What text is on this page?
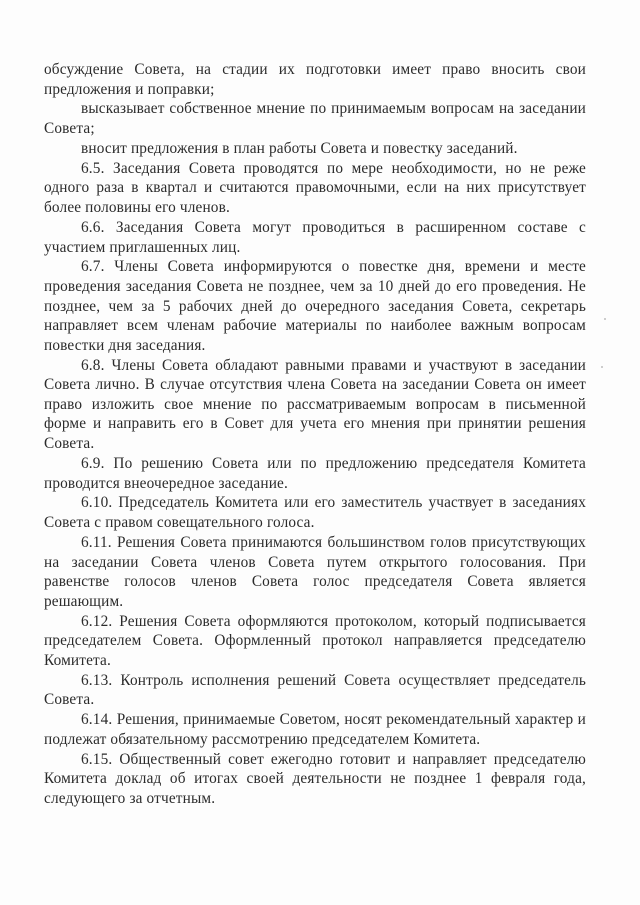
обсуждение Совета, на стадии их подготовки имеет право вносить свои предложения и поправки;

высказывает собственное мнение по принимаемым вопросам на заседании Совета;

вносит предложения в план работы Совета и повестку заседаний.

6.5. Заседания Совета проводятся по мере необходимости, но не реже одного раза в квартал и считаются правомочными, если на них присутствует более половины его членов.

6.6. Заседания Совета могут проводиться в расширенном составе с участием приглашенных лиц.

6.7. Члены Совета информируются о повестке дня, времени и месте проведения заседания Совета не позднее, чем за 10 дней до его проведения. Не позднее, чем за 5 рабочих дней до очередного заседания Совета, секретарь направляет всем членам рабочие материалы по наиболее важным вопросам повестки дня заседания.

6.8. Члены Совета обладают равными правами и участвуют в заседании Совета лично. В случае отсутствия члена Совета на заседании Совета он имеет право изложить свое мнение по рассматриваемым вопросам в письменной форме и направить его в Совет для учета его мнения при принятии решения Совета.

6.9. По решению Совета или по предложению председателя Комитета проводится внеочередное заседание.

6.10. Председатель Комитета или его заместитель участвует в заседаниях Совета с правом совещательного голоса.

6.11. Решения Совета принимаются большинством голов присутствующих на заседании Совета членов Совета путем открытого голосования. При равенстве голосов членов Совета голос председателя Совета является решающим.

6.12. Решения Совета оформляются протоколом, который подписывается председателем Совета. Оформленный протокол направляется председателю Комитета.

6.13. Контроль исполнения решений Совета осуществляет председатель Совета.

6.14. Решения, принимаемые Советом, носят рекомендательный характер и подлежат обязательному рассмотрению председателем Комитета.

6.15. Общественный совет ежегодно готовит и направляет председателю Комитета доклад об итогах своей деятельности не позднее 1 февраля года, следующего за отчетным.
